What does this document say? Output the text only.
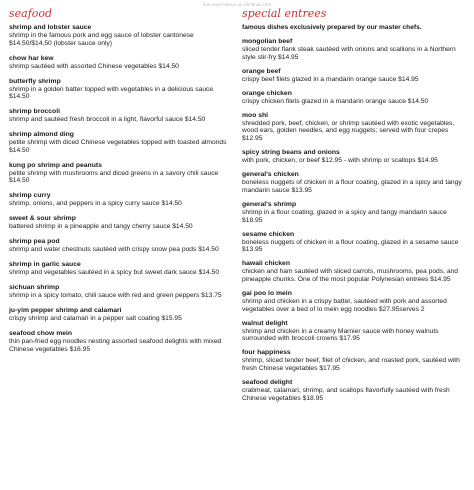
See more menus @ allmenus.com
seafood
shrimp and lobster sauce
shrimp in the famous pork and egg sauce of lobster cantonese $14.50/$14.50 (lobster sauce only)
chow har kew
shrimp sautéed with assorted Chinese vegetables $14.50
butterfly shrimp
shrimp in a golden batter topped with vegetables in a delicious sauce $14.50
shrimp broccoli
shrimp and sautéed fresh broccoli in a light, flavorful sauce $14.50
shrimp almond ding
petite shrimp with diced Chinese vegetables topped with toasted almonds $14.50
kung po shrimp and peanuts
petite shrimp with mushrooms and diced greens in a savory chili sauce $14.50
shrimp curry
shrimp, onions, and peppers in a spicy curry sauce $14.50
sweet & sour shrimp
battered shrimp in a pineapple and tangy cherry sauce $14.50
shrimp pea pod
shrimp and water chestnuts sautéed with crispy snow pea pods $14.50
shrimp in garlic sauce
shrimp and vegetables sautéed in a spicy but sweet dark sauce $14.50
sichuan shrimp
shrimp in a spicy tomato, chili sauce with red and green peppers $13.75
ju-yim pepper shrimp and calamari
crispy shrimp and calamari in a pepper salt coating $15.95
seafood chow mein
thin pan-fried egg noodles nesting assorted seafood delights with mixed Chinese vegetables $16.95
special entrees
famous dishes exclusively prepared by our master chefs.
mongolian beef
sliced tender flank steak sautéed with onions and scallions in a Northern style stir-fry $14.95
orange beef
crispy beef filets glazed in a mandarin orange sauce $14.95
orange chicken
crispy chicken filets glazed in a mandarin orange sauce $14.50
moo shi
shredded pork, beef, chicken, or shrimp sautéed with exotic vegetables, wood ears, golden needles, and egg nuggets; served with four crepes $12.95
spicy string beans and onions
with pork, chicken, or beef $12.95 - with shrimp or scallops $14.95
general's chicken
boneless nuggets of chicken in a flour coating, glazed in a spicy and tangy mandarin sauce $13.95
general's shrimp
shrimp in a flour coating, glazed in a spicy and tangy mandarin sauce $18.95
sesame chicken
boneless nuggets of chicken in a flour coating, glazed in a sesame sauce $13.95
hawaii chicken
chicken and ham sautéed with sliced carrots, mushrooms, pea pods, and pineapple chunks. One of the most popular Polynesian entrees $14.95
gai poo lo mein
shrimp and chicken in a crispy batter, sautéed with pork and assorted vegetables over a bed of lo mein egg noodles $27.95serves 2
walnut delight
shrimp and chicken in a creamy Marnier sauce with honey walnuts surrounded with broccoli crowns $17.95
four happiness
shrimp, sliced tender beef, filet of chicken, and roasted pork, sautéed with fresh Chinese vegetables $17.95
seafood delight
crabmeat, calamari, shrimp, and scallops flavorfully sautéed with fresh Chinese vegetables $18.95
